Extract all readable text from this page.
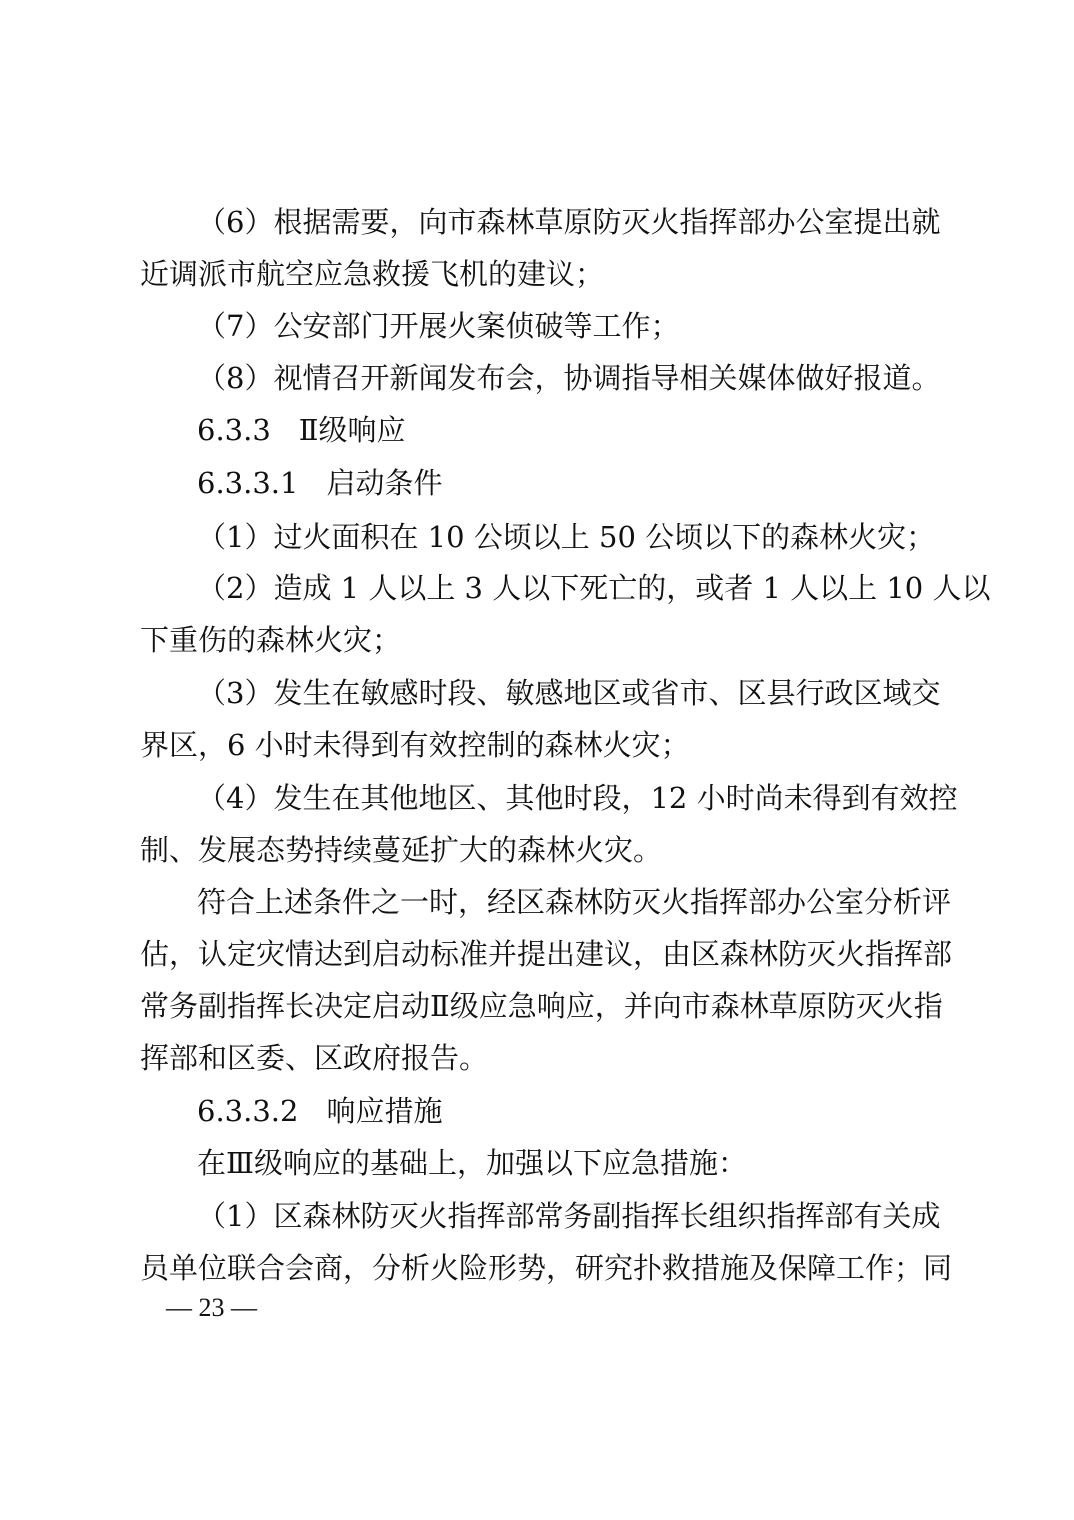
（6）根据需要，向市森林草原防灭火指挥部办公室提出就
近调派市航空应急救援飞机的建议；
（7）公安部门开展火案侦破等工作；
（8）视情召开新闻发布会，协调指导相关媒体做好报道。
6.3.3 Ⅱ级响应
6.3.3.1 启动条件
（1）过火面积在 10 公顷以上 50 公顷以下的森林火灾；
（2）造成 1 人以上 3 人以下死亡的，或者 1 人以上 10 人以
下重伤的森林火灾；
（3）发生在敏感时段、敏感地区或省市、区县行政区域交
界区，6 小时未得到有效控制的森林火灾；
（4）发生在其他地区、其他时段，12 小时尚未得到有效控
制、发展态势持续蔓延扩大的森林火灾。
符合上述条件之一时，经区森林防灭火指挥部办公室分析评
估，认定灾情达到启动标准并提出建议，由区森林防灭火指挥部
常务副指挥长决定启动Ⅱ级应急响应，并向市森林草原防灭火指
挥部和区委、区政府报告。
6.3.3.2 响应措施
在Ⅲ级响应的基础上，加强以下应急措施：
（1）区森林防灭火指挥部常务副指挥长组织指挥部有关成
员单位联合会商，分析火险形势，研究扑救措施及保障工作；同
— 23 —
